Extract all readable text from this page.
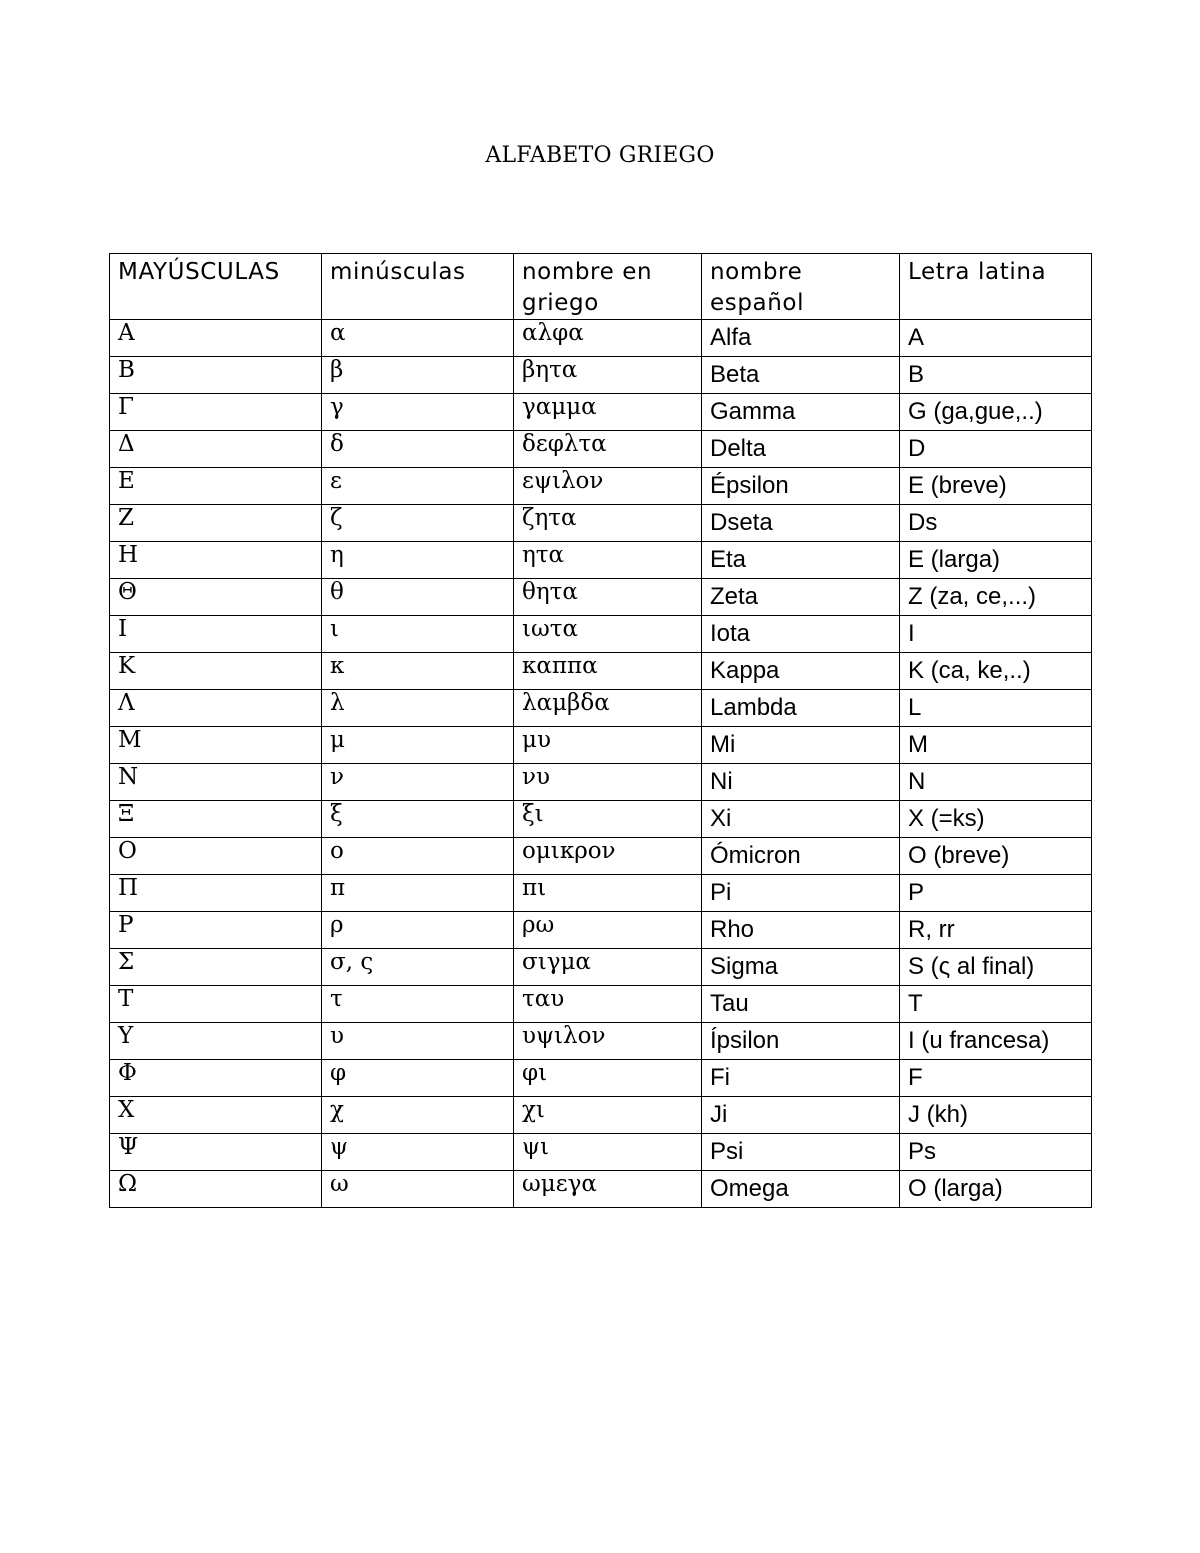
ALFABETO GRIEGO
MAYÚSCULAS	minúsculas	nombre en griego	nombre español	Letra latina
Α	α	αλφα	Alfa	A
Β	β	βητα	Beta	B
Γ	γ	γαμμα	Gamma	G (ga,gue,..)
Δ	δ	δεφλτα	Delta	D
Ε	ε	εψιλον	Épsilon	E (breve)
Ζ	ζ	ζητα	Dseta	Ds
Η	η	ητα	Eta	E (larga)
Θ	θ	θητα	Zeta	Z (za, ce,...)
Ι	ι	ιωτα	Iota	I
Κ	κ	καππα	Kappa	K (ca, ke,..)
Λ	λ	λαμβδα	Lambda	L
Μ	μ	μυ	Mi	M
Ν	ν	νυ	Ni	N
Ξ	ξ	ξι	Xi	X (=ks)
Ο	ο	ομικρον	Ómicron	O (breve)
Π	π	πι	Pi	P
Ρ	ρ	ρω	Rho	R, rr
Σ	σ, ς	σιγμα	Sigma	S (ς al final)
Τ	τ	ταυ	Tau	T
Υ	υ	υψιλον	Ípsilon	I (u francesa)
Φ	φ	φι	Fi	F
Χ	χ	χι	Ji	J (kh)
Ψ	ψ	ψι	Psi	Ps
Ω	ω	ωμεγα	Omega	O (larga)
